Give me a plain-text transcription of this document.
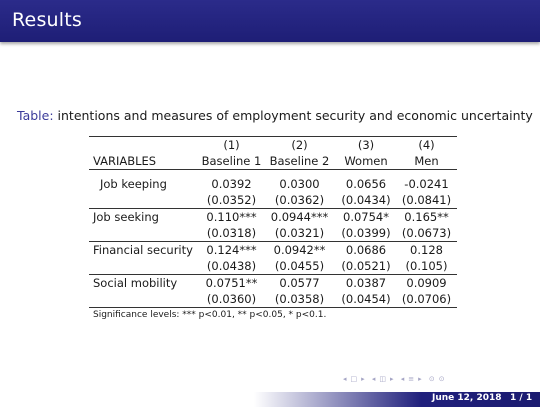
Results
Table: intentions and measures of employment security and economic uncertainty
	(1)	(2)	(3)	(4)
VARIABLES	Baseline 1	Baseline 2	Women	Men

Job keeping	0.0392	0.0300	0.0656	-0.0241
	(0.0352)	(0.0362)	(0.0434)	(0.0841)
Job seeking	0.110***	0.0944***	0.0754*	0.165**
	(0.0318)	(0.0321)	(0.0399)	(0.0673)
Financial security	0.124***	0.0942**	0.0686	0.128
	(0.0438)	(0.0455)	(0.0521)	(0.105)
Social mobility	0.0751**	0.0577	0.0387	0.0909
	(0.0360)	(0.0358)	(0.0454)	(0.0706)
Significance levels: *** p<0.01, ** p<0.05, * p<0.1.				
◂ □ ▸ ◂ ◫ ▸ ◂ ≡ ▸ ⊙ ⊙
June 12, 2018 1 / 1
